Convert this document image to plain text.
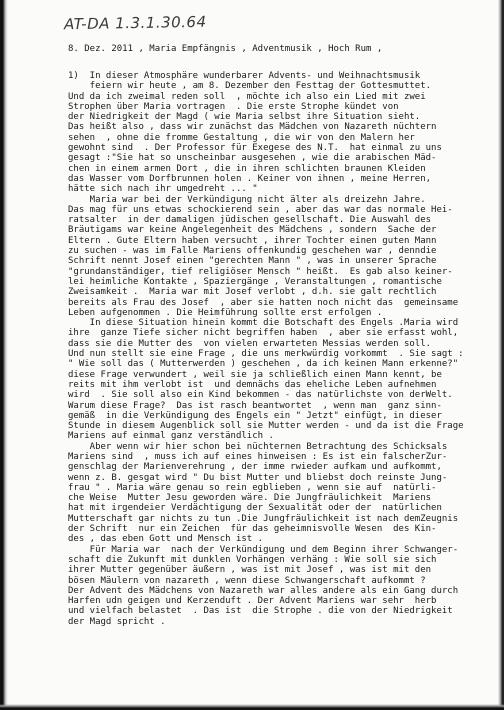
AT-DA 1.3.1.30.64
8. Dez. 2011 , Maria Empfängnis , Adventmusik , Hoch Rum ,
1)  In dieser Atmosphäre wunderbarer Advents- und Weihnachtsmusik
feiern wir heute , am 8. Dezember den Festtag der Gottesmuttet.
Und da ich zweimal reden soll  , möchte ich also ein Lied mit zwei
Strophen über Maria vortragen  . Die erste Strophe kündet von
der Niedrigkeit der Magd ( wie Maria selbst ihre Situation sieht.
Das heißt also , dass wir zunächst das Mädchen von Nazareth nüchtern
sehen  , ohne die fromme Gestaltung , die wir von den Malern her
gewohnt sind  . Der Professor für Exegese des N.T.  hat einmal zu uns
gesagt :"Sie hat so unscheinbar ausgesehen , wie die arabischen Mäd-
chen in einem armen Dort , die in ihren schlichten braunen Kleiden
das Wasser vom Dorfbrunnen holen . Keiner von ihnen , meine Herren,
hätte sich nach ihr umgedreht ... "
Maria war bei der Verkündigung nicht älter als dreizehn Jahre.
Das mag für uns etwas schockierend sein , aber das war das normale Hei-
ratsalter  in der damaligen jüdischen gesellschaft. Die Auswahl des
Bräutigams war keine Angelegenheit des Mädchens , sondern  Sache der
Eltern . Gute Eltern haben versucht , ihrer Tochter einen guten Mann
zu suchen - was im Falle Mariens offenkundig geschehen war , denndie
Schrift nennt Josef einen "gerechten Mann " , was in unserer Sprache
"grundanständiger, tief religiöser Mensch " heißt.  Es gab also keiner-
lei heimliche Kontakte , Spaziergänge , Veranstaltungen , romantische
Zweisamkeit .  Maria war mit Josef verlobt , d.h. sie galt rechtlich
bereits als Frau des Josef  , aber sie hatten noch nicht das  gemeinsame
Leben aufgenommen . Die Heimführung sollte erst erfolgen .
In diese Situation hinein kommt die Botschaft des Engels .Maria wird
ihre  ganze Tiefe sicher nicht begriffen haben  , aber sie erfasst wohl,
dass sie die Mutter des  von vielen erwarteten Messias werden soll.
Und nun stellt sie eine Frage , die uns merkwürdig vorkommt  . Sie sagt :
" Wie soll das ( Mutterwerden ) geschehen , da ich keinen Mann erkenne?"
diese Frage verwundert , weil sie ja schließlich einen Mann kennt, be
reits mit ihm verlobt ist  und demnächs das eheliche Leben aufnehmen
wird  . Sie soll also ein Kind bekommen - das natürlichste von derWelt.
Warum diese Frage?  Das ist rasch beantwortet  , wenn man  ganz sinn-
gemäß  in die Verkündigung des Engels ein " Jetzt" einfügt, in dieser
Stunde in diesem Augenblick soll sie Mutter werden - und da ist die Frage
Mariens auf einmal ganz verständlich .
Aber wenn wir hier schon bei nüchternen Betrachtung des Schicksals
Mariens sind  , muss ich auf eines hinweisen : Es ist ein falscherZur-
genschlag der Marienverehrung , der imme rwieder aufkam und aufkommt,
wenn z. B. gesgat wird " Du bist Mutter und bliebst doch reinste Jung-
frau " . Maria wäre genau so rein egblieben , wenn sie auf  natürli-
che Weise  Mutter Jesu geworden wäre. Die Jungfräulichkeit  Mariens
hat mit irgendeier Verdächtigung der Sexualität oder der  natürlichen
Mutterschaft gar nichts zu tun .Die Jungfräulichkeit ist nach demZeugnis
der Schrift  nur ein Zeichen  für das geheimnisvolle Wesen  des Kin-
des , das eben Gott und Mensch ist .
Für Maria war  nach der Verkündigung und dem Beginn ihrer Schwanger-
schaft die Zukunft mit dunklen Vorhängen verhäng : Wie soll sie sich
ihrer Mutter gegenüber äußern , was ist mit Josef , was ist mit den
bösen Mäulern von nazareth , wenn diese Schwangerschaft aufkommt ?
Der Advent des Mädchens von Nazareth war alles andere als ein Gang durch
Harfen udn geigen und Kerzenduft . Der Advent Mariens war sehr  herb
und vielfach belastet  . Das ist  die Strophe . die von der Niedrigkeit
der Magd spricht .
